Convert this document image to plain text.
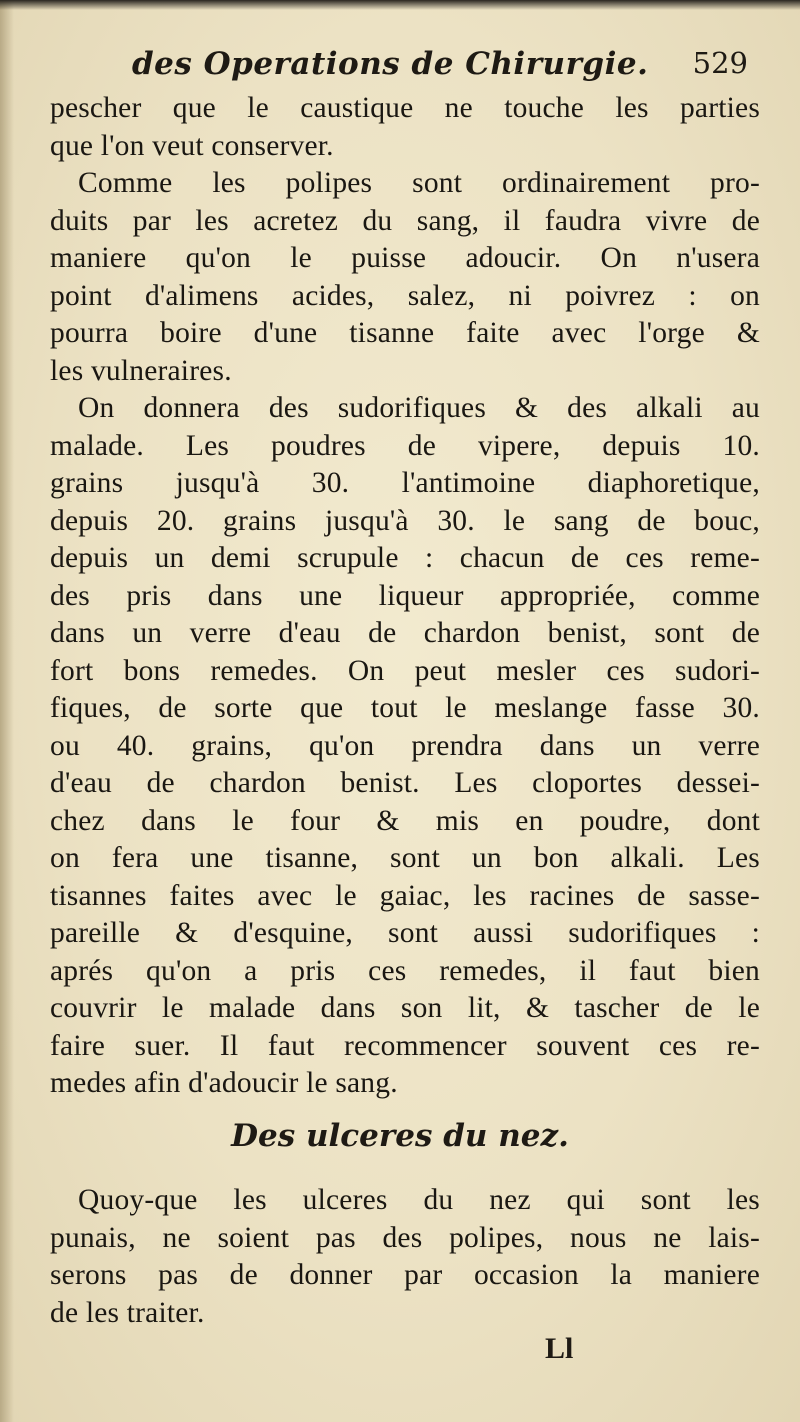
des Operations de Chirurgie. 529
pescher que le caustique ne touche les parties
que l'on veut conserver.
Comme les polipes sont ordinairement pro-
duits par les acretez du sang, il faudra vivre de
maniere qu'on le puisse adoucir. On n'usera
point d'alimens acides, salez, ni poivrez : on
pourra boire d'une tisanne faite avec l'orge &
les vulneraires.
On donnera des sudorifiques & des alkali au
malade. Les poudres de vipere, depuis 10.
grains jusqu'à 30. l'antimoine diaphoretique,
depuis 20. grains jusqu'à 30. le sang de bouc,
depuis un demi scrupule : chacun de ces reme-
des pris dans une liqueur appropriée, comme
dans un verre d'eau de chardon benist, sont de
fort bons remedes. On peut mesler ces sudori-
fiques, de sorte que tout le meslange fasse 30.
ou 40. grains, qu'on prendra dans un verre
d'eau de chardon benist. Les cloportes dessei-
chez dans le four & mis en poudre, dont
on fera une tisanne, sont un bon alkali. Les
tisannes faites avec le gaiac, les racines de sasse-
pareille & d'esquine, sont aussi sudorifiques :
aprés qu'on a pris ces remedes, il faut bien
couvrir le malade dans son lit, & tascher de le
faire suer. Il faut recommencer souvent ces re-
medes afin d'adoucir le sang.
Des ulceres du nez.
Quoy-que les ulceres du nez qui sont les
punais, ne soient pas des polipes, nous ne lais-
serons pas de donner par occasion la maniere
de les traiter.
Ll
